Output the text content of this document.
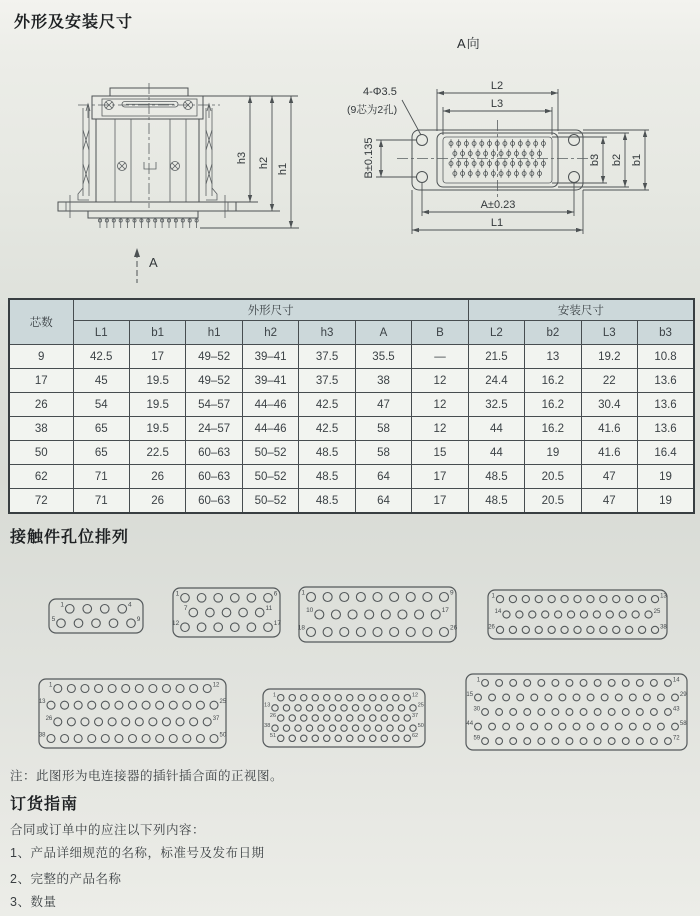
外形及安装尺寸
h3 h2 h1
A
A向
L2
L3
B±0.135	b3 b2 b1
A±0.23
L1
4-Φ3.5
(9芯为2孔)
芯数	外形尺寸							安装尺寸			
	L1	b1	h1	h2	h3	A	B	L2	b2	L3	b3
9	42.5	17	49–52	39–41	37.5	35.5	—	21.5	13	19.2	10.8
17	45	19.5	49–52	39–41	37.5	38	12	24.4	16.2	22	13.6
26	54	19.5	54–57	44–46	42.5	47	12	32.5	16.2	30.4	13.6
38	65	19.5	24–57	44–46	42.5	58	12	44	16.2	41.6	13.6
50	65	22.5	60–63	50–52	48.5	58	15	44	19	41.6	16.4
62	71	26	60–63	50–52	48.5	64	17	48.5	20.5	47	19
72	71	26	60–63	50–52	48.5	64	17	48.5	20.5	47	19
接触件孔位排列
1	4
5	9
1	6
7	11
12	17
1	9
10	17
18	26
1	13
14	25
26	38
1	12
13	25
26	37
38	50
1	12
13	25
26	37
38	50
51	62
1	14
15	29
30	43
44	58
59	72
注：此图形为电连接器的插针插合面的正视图。
订货指南
合同或订单中的应注以下列内容：
1、产品详细规范的名称，标准号及发布日期
2、完整的产品名称
3、数量
